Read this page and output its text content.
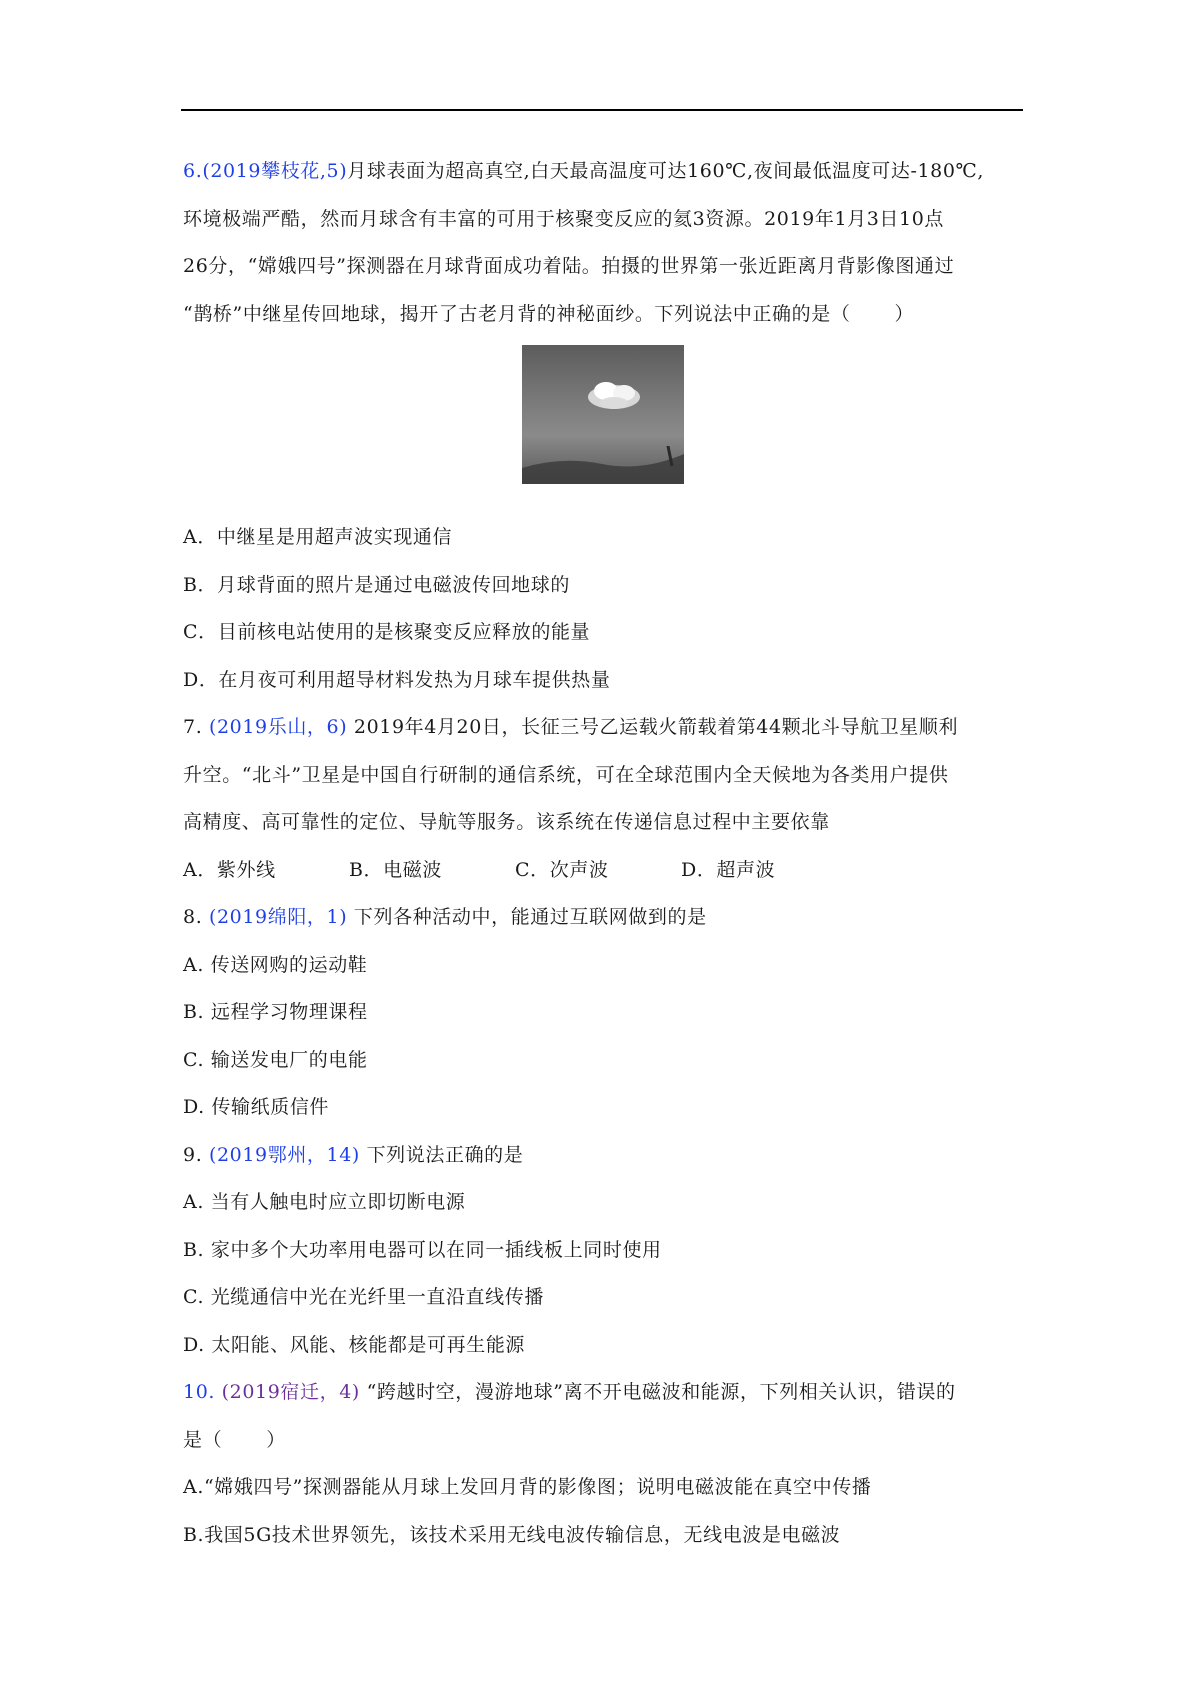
6.(2019攀枝花,5)月球表面为超高真空,白天最高温度可达160℃,夜间最低温度可达-180℃,
环境极端严酷，然而月球含有丰富的可用于核聚变反应的氦3资源。2019年1月3日10点
26分，“嫦娥四号”探测器在月球背面成功着陆。拍摄的世界第一张近距离月背影像图通过
“鹊桥”中继星传回地球，揭开了古老月背的神秘面纱。下列说法中正确的是（ ）
A．中继星是用超声波实现通信
B．月球背面的照片是通过电磁波传回地球的
C．目前核电站使用的是核聚变反应释放的能量
D．在月夜可利用超导材料发热为月球车提供热量
7. (2019乐山，6) 2019年4月20日，长征三号乙运载火箭载着第44颗北斗导航卫星顺利
升空。“北斗”卫星是中国自行研制的通信系统，可在全球范围内全天候地为各类用户提供
高精度、高可靠性的定位、导航等服务。该系统在传递信息过程中主要依靠
A．紫外线	B．电磁波	C．次声波	D．超声波
8. (2019绵阳，1) 下列各种活动中，能通过互联网做到的是
A. 传送网购的运动鞋
B. 远程学习物理课程
C. 输送发电厂的电能
D. 传输纸质信件
9. (2019鄂州，14) 下列说法正确的是
A. 当有人触电时应立即切断电源
B. 家中多个大功率用电器可以在同一插线板上同时使用
C. 光缆通信中光在光纤里一直沿直线传播
D. 太阳能、风能、核能都是可再生能源
10. (2019宿迁，4) “跨越时空，漫游地球”离不开电磁波和能源，下列相关认识，错误的
是（ ）
A.“嫦娥四号”探测器能从月球上发回月背的影像图；说明电磁波能在真空中传播
B.我国5G技术世界领先，该技术采用无线电波传输信息，无线电波是电磁波
